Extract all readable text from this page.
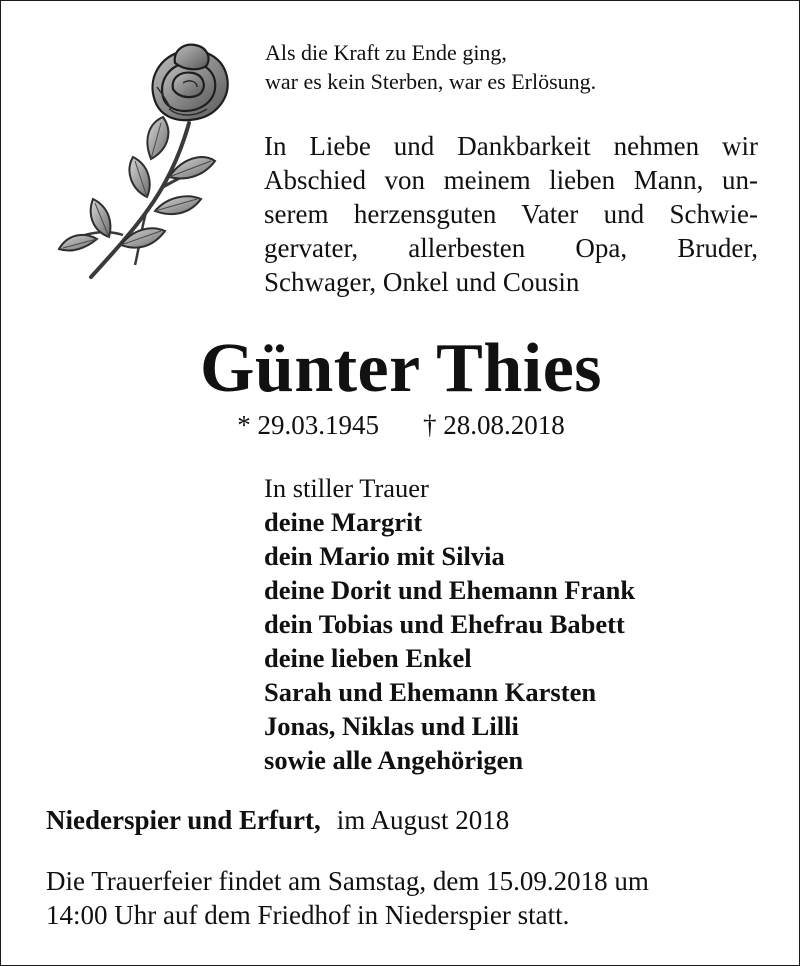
Als die Kraft zu Ende ging,
war es kein Sterben, war es Erlösung.
In Liebe und Dankbarkeit nehmen wir
Abschied von meinem lieben Mann, un-
serem herzensguten Vater und Schwie-
gervater, allerbesten Opa, Bruder,
Schwager, Onkel und Cousin
Günter Thies
* 29.03.1945 † 28.08.2018
In stiller Trauer
deine Margrit
dein Mario mit Silvia
deine Dorit und Ehemann Frank
dein Tobias und Ehefrau Babett
deine lieben Enkel
Sarah und Ehemann Karsten
Jonas, Niklas und Lilli
sowie alle Angehörigen
Niederspier und Erfurt, im August 2018
Die Trauerfeier findet am Samstag, dem 15.09.2018 um
14:00 Uhr auf dem Friedhof in Niederspier statt.
